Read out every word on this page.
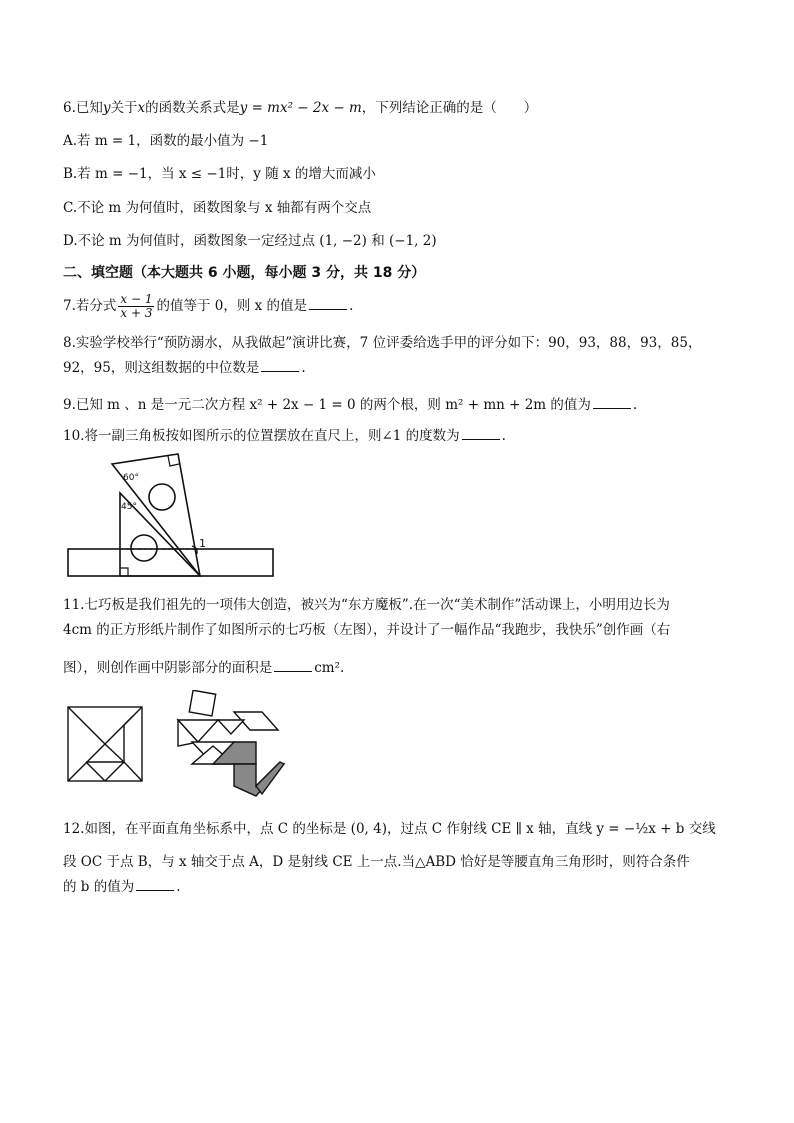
6.已知y关于x的函数关系式是y = mx² − 2x − m，下列结论正确的是（　　）
A.若 m = 1，函数的最小值为 −1
B.若 m = −1，当 x ≤ −1时，y 随 x 的增大而减小
C.不论 m 为何值时，函数图象与 x 轴都有两个交点
D.不论 m 为何值时，函数图象一定经过点 (1, −2) 和 (−1, 2)
二、填空题（本大题共 6 小题，每小题 3 分，共 18 分）
7.若分式 $\frac{x - 1}{x + 3}$ 的值等于 0，则 x 的值是	.
8.实验学校举行“预防溺水，从我做起”演讲比赛，7 位评委给选手甲的评分如下：90，93，88，93，85，
92，95，则这组数据的中位数是	.
9.已知 m 、n 是一元二次方程 x² + 2x − 1 = 0 的两个根，则 m² + mn + 2m 的值为	.
10.将一副三角板按如图所示的位置摆放在直尺上，则∠1 的度数为	.
60°
45°
1
11.七巧板是我们祖先的一项伟大创造，被兴为“东方魔板”.在一次“美术制作”活动课上，小明用边长为
4cm 的正方形纸片制作了如图所示的七巧板（左图），并设计了一幅作品“我跑步，我快乐”创作画（右
图），则创作画中阴影部分的面积是	cm².
12.如图，在平面直角坐标系中，点 C 的坐标是 (0, 4)，过点 C 作射线 CE ∥ x 轴，直线 y = −½x + b 交线
段 OC 于点 B，与 x 轴交于点 A，D 是射线 CE 上一点.当△ABD 恰好是等腰直角三角形时，则符合条件
的 b 的值为	.
